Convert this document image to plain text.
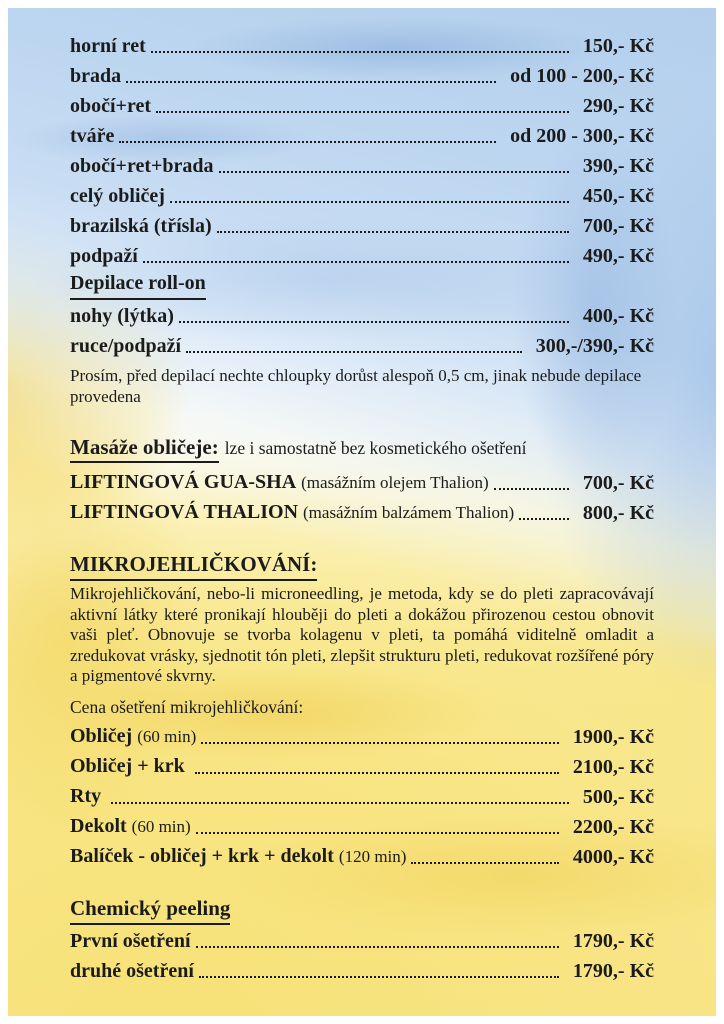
horní ret	150,- Kč
brada	od 100 - 200,- Kč
obočí+ret	290,- Kč
tváře	od 200 - 300,- Kč
obočí+ret+brada	390,- Kč
celý obličej	450,- Kč
brazilská (třísla)	700,- Kč
podpaží	490,- Kč
Depilace roll-on
nohy (lýtka)	400,- Kč
ruce/podpaží	300,-/390,- Kč

Prosím, před depilací nechte chloupky dorůst alespoň 0,5 cm, jinak nebude depilace provedena

Masáže obličeje: lze i samostatně bez kosmetického ošetření
LIFTINGOVÁ GUA-SHA (masážním olejem Thalion)	700,- Kč
LIFTINGOVÁ THALION (masážním balzámem Thalion)	800,- Kč
MIKROJEHLIČKOVÁNÍ:

Mikrojehličkování, nebo-li microneedling, je metoda, kdy se do pleti zapracovávají aktivní látky které pronikají hlouběji do pleti a dokážou přirozenou cestou obnovit vaši pleť. Obnovuje se tvorba kolagenu v pleti, ta pomáhá viditelně omladit a zredukovat vrásky, sjednotit tón pleti, zlepšit strukturu pleti, redukovat rozšířené póry a pigmentové skvrny.

Cena ošetření mikrojehličkování:

Obličej (60 min)	1900,- Kč
Obličej + krk	2100,- Kč
Rty	500,- Kč
Dekolt (60 min)	2200,- Kč
Balíček - obličej + krk + dekolt (120 min)	4000,- Kč
Chemický peeling
První ošetření	1790,- Kč
druhé ošetření	1790,- Kč
